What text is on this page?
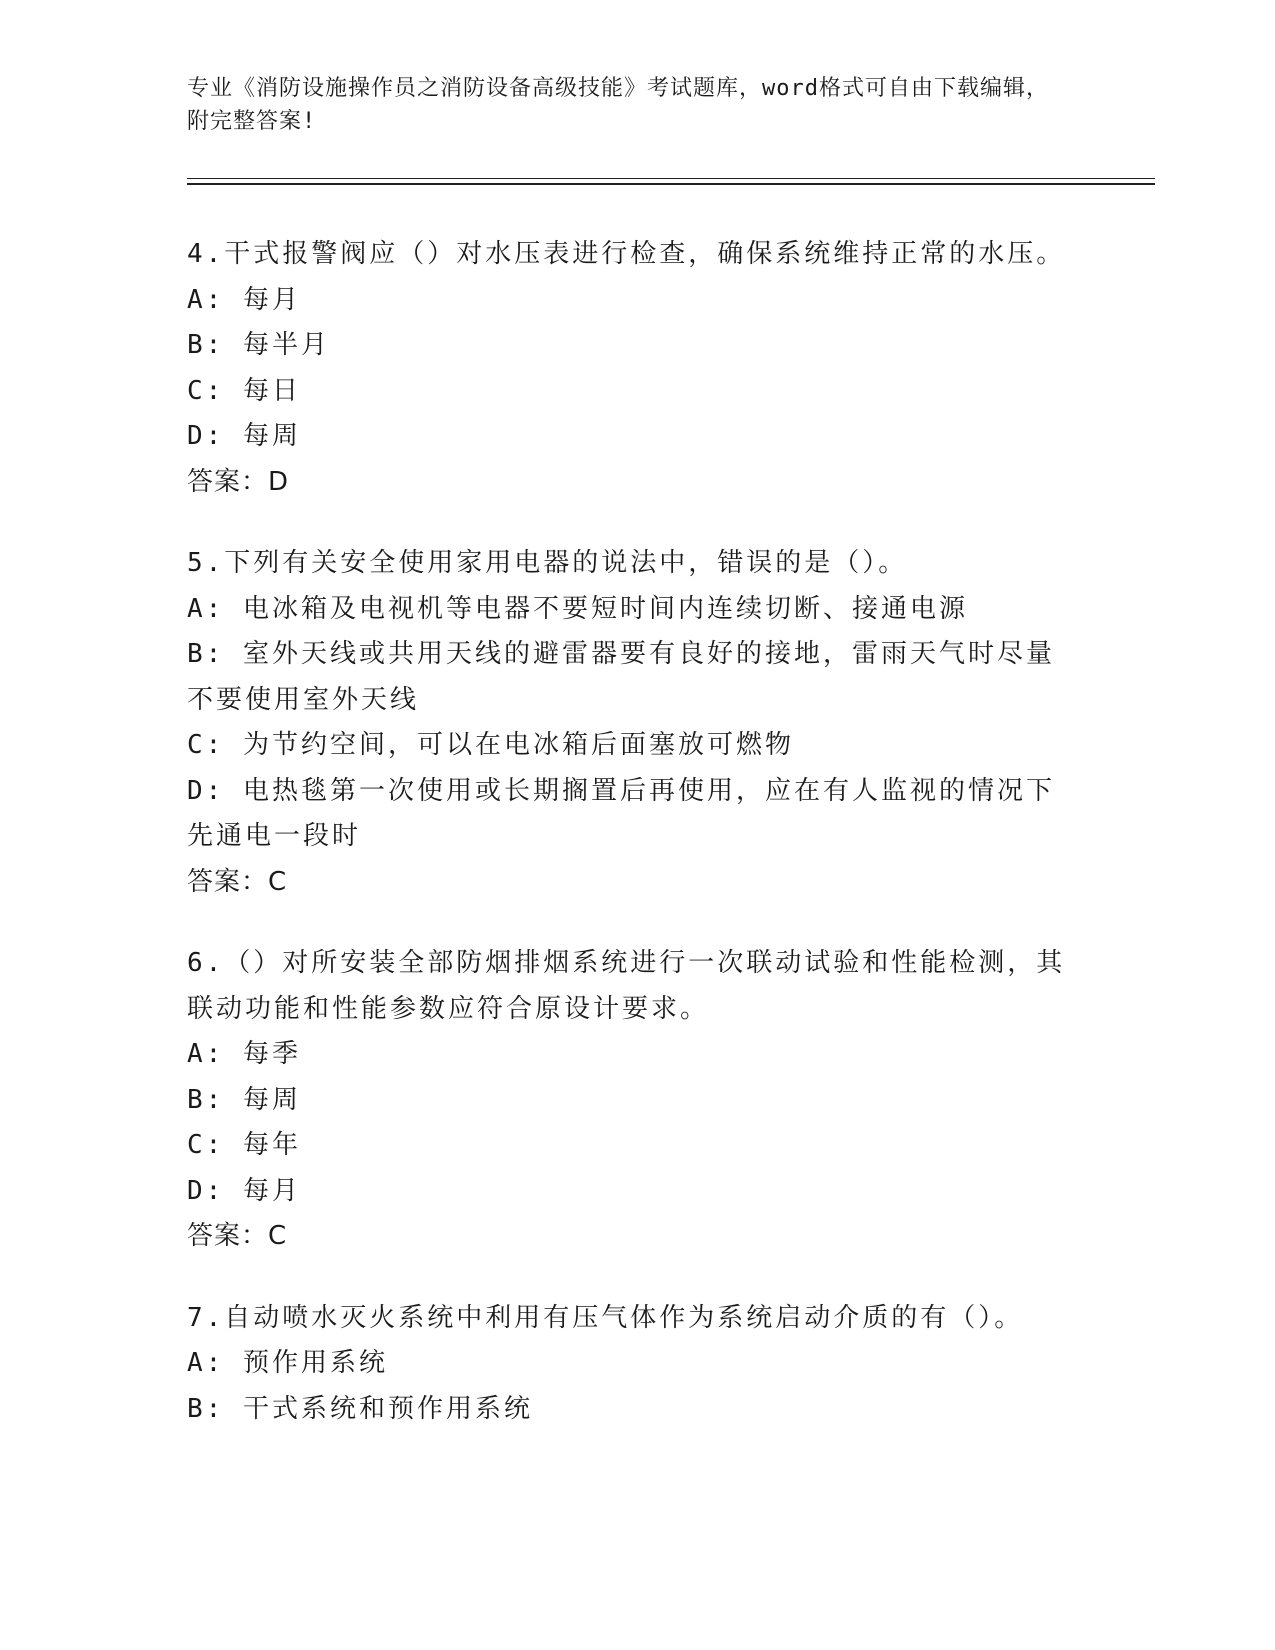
专业《消防设施操作员之消防设备高级技能》考试题库，word格式可自由下载编辑，附完整答案!
4.干式报警阀应（）对水压表进行检查，确保系统维持正常的水压。
A: 每月
B: 每半月
C: 每日
D: 每周
答案：D
5.下列有关安全使用家用电器的说法中，错误的是（）。
A: 电冰箱及电视机等电器不要短时间内连续切断、接通电源
B: 室外天线或共用天线的避雷器要有良好的接地，雷雨天气时尽量不要使用室外天线
C: 为节约空间，可以在电冰箱后面塞放可燃物
D: 电热毯第一次使用或长期搁置后再使用，应在有人监视的情况下先通电一段时
答案：C
6.（）对所安装全部防烟排烟系统进行一次联动试验和性能检测，其联动功能和性能参数应符合原设计要求。
A: 每季
B: 每周
C: 每年
D: 每月
答案：C
7.自动喷水灭火系统中利用有压气体作为系统启动介质的有（）。
A: 预作用系统
B: 干式系统和预作用系统
